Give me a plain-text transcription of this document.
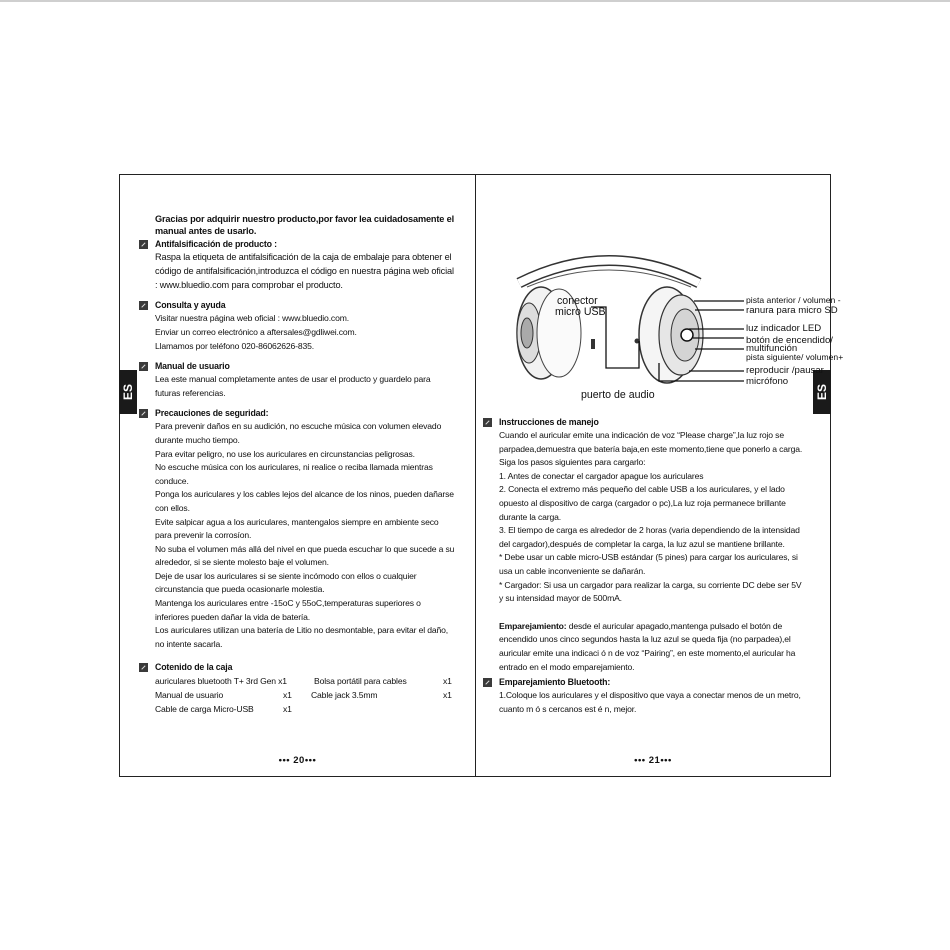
ES

Gracias por adquirir nuestro producto,por favor lea cuidadosamente el manual antes de usarlo.

Antifalsificación de producto :

Raspa la etiqueta de antifalsificación de la caja de embalaje para obtener el código de antifalsificación,introduzca el código en nuestra página web oficial : www.bluedio.com para comprobar el producto.

Consulta y ayuda

Visitar nuestra página web oficial : www.bluedio.com.

Enviar un correo electrónico a aftersales@gdliwei.com.

Llamamos por teléfono 020-86062626-835.

Manual de usuario

Lea este manual completamente antes de usar el producto y guardelo para futuras referencias.

Precauciones de seguridad:

Para prevenir daños en su audición, no escuche música con volumen elevado durante mucho tiempo.

Para evitar peligro, no use los auriculares en circunstancias peligrosas.

No escuche música con los auriculares, ni realice o reciba llamada mientras conduce.

Ponga los auriculares y los cables lejos del alcance de los ninos, pueden dañarse con ellos.

Evite salpicar agua a los auriculares, mantengalos siempre en ambiente seco para prevenir la corrosíon.

No suba el volumen más allá del nivel en que pueda escuchar lo que sucede a su alrededor, si se siente molesto baje el volumen.

Deje de usar los auriculares si se siente incómodo con ellos o cualquier circunstancia que pueda ocasionarle molestia.

Mantenga los auriculares entre -15oC y 55oC,temperaturas superiores o inferiores pueden dañar la vida de batería.

Los auriculares utilizan una batería de Litio no desmontable, para evitar el daño, no intente sacarla.

Cotenido de la caja
auriculares bluetooth T+ 3rd Gen x1	Bolsa portátil para cables	x1
Manual de usuario	x1	Cable jack 3.5mm	x1
Cable de carga Micro-USB	x1
••• 20•••
ES
conector
micro USB
puerto de audio
pista anterior / volumen -
ranura para micro SD
luz indicador LED
botón de encendido/
multifunción
pista siguiente/ volumen+
reproducir /pausar
micrófono
Instrucciones de manejo

Cuando el auricular emite una indicación de voz “Please charge”,la luz rojo se parpadea,demuestra que batería baja,en este momento,tiene que ponerlo a carga.

Siga los pasos siguientes para cargarlo:

1. Antes de conectar el cargador apague los auriculares

2. Conecta el extremo más pequeño del cable USB a los auriculares, y el lado opuesto al dispositivo de carga (cargador o pc),La luz roja permanece brillante durante la carga.

3. El tiempo de carga es alrededor de 2 horas (varia dependiendo de la intensidad del cargador),después de completar la carga, la luz azul se mantiene brillante.

* Debe usar un cable micro-USB estándar (5 pines) para cargar los auriculares, si usa un cable inconveniente se dañarán.

* Cargador: Si usa un cargador para realizar la carga, su corriente DC debe ser 5V y su intensidad mayor de 500mA.

Emparejamiento: desde el auricular apagado,mantenga pulsado el botón de encendido unos cinco segundos hasta la luz azul se queda fija (no parpadea),el auricular emite una indicaci ó n de voz “Pairing”, en este momento,el auricular ha entrado en el modo emparejamiento.

Emparejamiento Bluetooth:

1.Coloque los auriculares y el dispositivo que vaya a conectar menos de un metro, cuanto m ó s cercanos est é n, mejor.

••• 21•••
